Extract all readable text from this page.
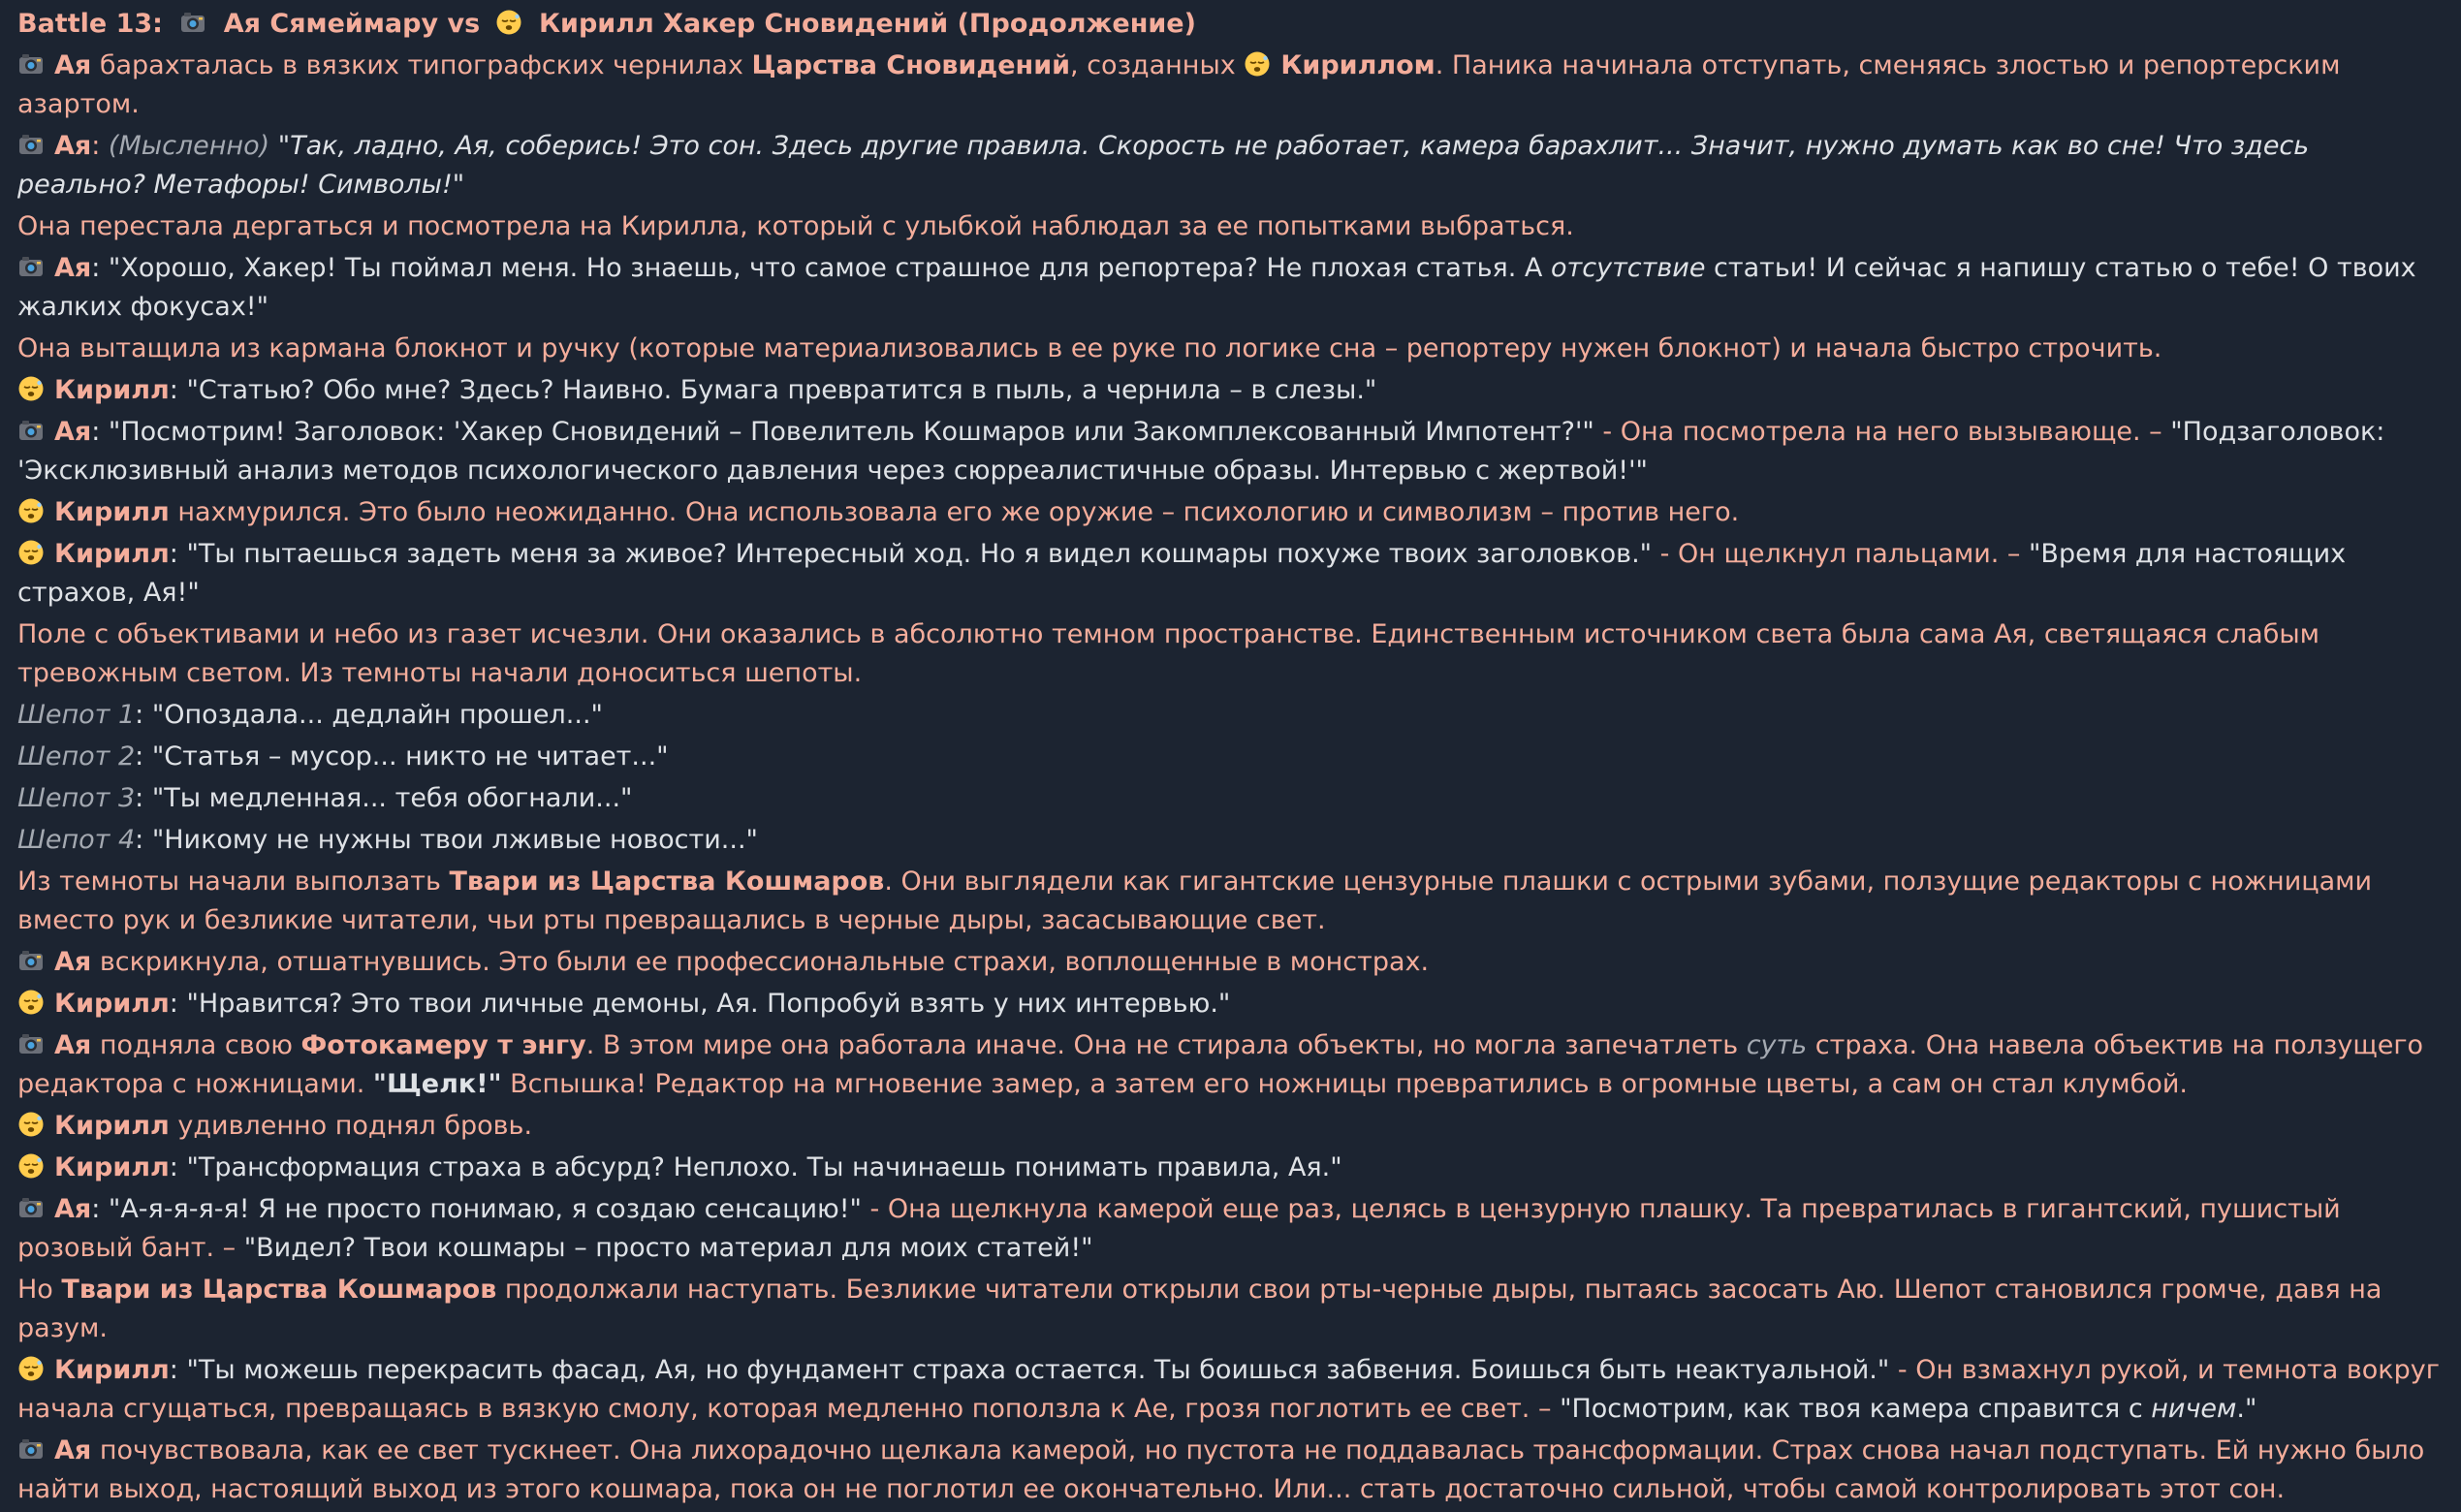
Battle 13: Ая Сямеймару vs Кирилл Хакер Сновидений (Продолжение)
Ая барахталась в вязких типографских чернилах Царства Сновидений, созданных
Кириллом. Паника начинала отступать, сменяясь злостью и репортерским азартом.
Ая: (Мысленно) "Так, ладно, Ая, соберись! Это сон. Здесь другие правила. Скорость не работает, камера барахлит... Значит, нужно думать как во сне! Что здесь реально? Метафоры! Символы!"
Она перестала дергаться и посмотрела на Кирилла, который с улыбкой наблюдал за ее попытками выбраться.
Ая: "Хорошо, Хакер! Ты поймал меня. Но знаешь, что самое страшное для репортера? Не плохая статья. А отсутствие статьи! И сейчас я напишу статью о тебе! О твоих жалких фокусах!"
Она вытащила из кармана блокнот и ручку (которые материализовались в ее руке по логике сна – репортеру нужен блокнот) и начала быстро строчить.
Кирилл: "Статью? Обо мне? Здесь? Наивно. Бумага превратится в пыль, а чернила – в слезы."
Ая: "Посмотрим! Заголовок: 'Хакер Сновидений – Повелитель Кошмаров или Закомплексованный Импотент?'" - Она посмотрела на него вызывающе. – "Подзаголовок: 'Эксклюзивный анализ методов психологического давления через сюрреалистичные образы. Интервью с жертвой!'"
Кирилл нахмурился. Это было неожиданно. Она использовала его же оружие – психологию и символизм – против него.
Кирилл: "Ты пытаешься задеть меня за живое? Интересный ход. Но я видел кошмары похуже твоих заголовков." - Он щелкнул пальцами. – "Время для настоящих страхов, Ая!"
Поле с объективами и небо из газет исчезли. Они оказались в абсолютно темном пространстве. Единственным источником света была сама Ая, светящаяся слабым тревожным светом. Из темноты начали доноситься шепоты.
Шепот 1: "Опоздала... дедлайн прошел..."
Шепот 2: "Статья – мусор... никто не читает..."
Шепот 3: "Ты медленная... тебя обогнали..."
Шепот 4: "Никому не нужны твои лживые новости..."
Из темноты начали выползать Твари из Царства Кошмаров. Они выглядели как гигантские цензурные плашки с острыми зубами, ползущие редакторы с ножницами вместо рук и безликие читатели, чьи рты превращались в черные дыры, засасывающие свет.
Ая вскрикнула, отшатнувшись. Это были ее профессиональные страхи, воплощенные в монстрах.
Кирилл: "Нравится? Это твои личные демоны, Ая. Попробуй взять у них интервью."
Ая подняла свою Фотокамеру т энгу. В этом мире она работала иначе. Она не стирала объекты, но могла запечатлеть суть страха. Она навела объектив на ползущего редактора с ножницами. "Щелк!" Вспышка! Редактор на мгновение замер, а затем его ножницы превратились в огромные цветы, а сам он стал клумбой.
Кирилл удивленно поднял бровь.
Кирилл: "Трансформация страха в абсурд? Неплохо. Ты начинаешь понимать правила, Ая."
Ая: "А-я-я-я-я! Я не просто понимаю, я создаю сенсацию!" - Она щелкнула камерой еще раз, целясь в цензурную плашку. Та превратилась в гигантский, пушистый розовый бант. – "Видел? Твои кошмары – просто материал для моих статей!"
Но Твари из Царства Кошмаров продолжали наступать. Безликие читатели открыли свои рты-черные дыры, пытаясь засосать Аю. Шепот становился громче, давя на разум.
Кирилл: "Ты можешь перекрасить фасад, Ая, но фундамент страха остается. Ты боишься забвения. Боишься быть неактуальной." - Он взмахнул рукой, и темнота вокруг начала сгущаться, превращаясь в вязкую смолу, которая медленно поползла к Ае, грозя поглотить ее свет. – "Посмотрим, как твоя камера справится с ничем."
Ая почувствовала, как ее свет тускнеет. Она лихорадочно щелкала камерой, но пустота не поддавалась трансформации. Страх снова начал подступать. Ей нужно было найти выход, настоящий выход из этого кошмара, пока он не поглотил ее окончательно. Или... стать достаточно сильной, чтобы самой контролировать этот сон.
